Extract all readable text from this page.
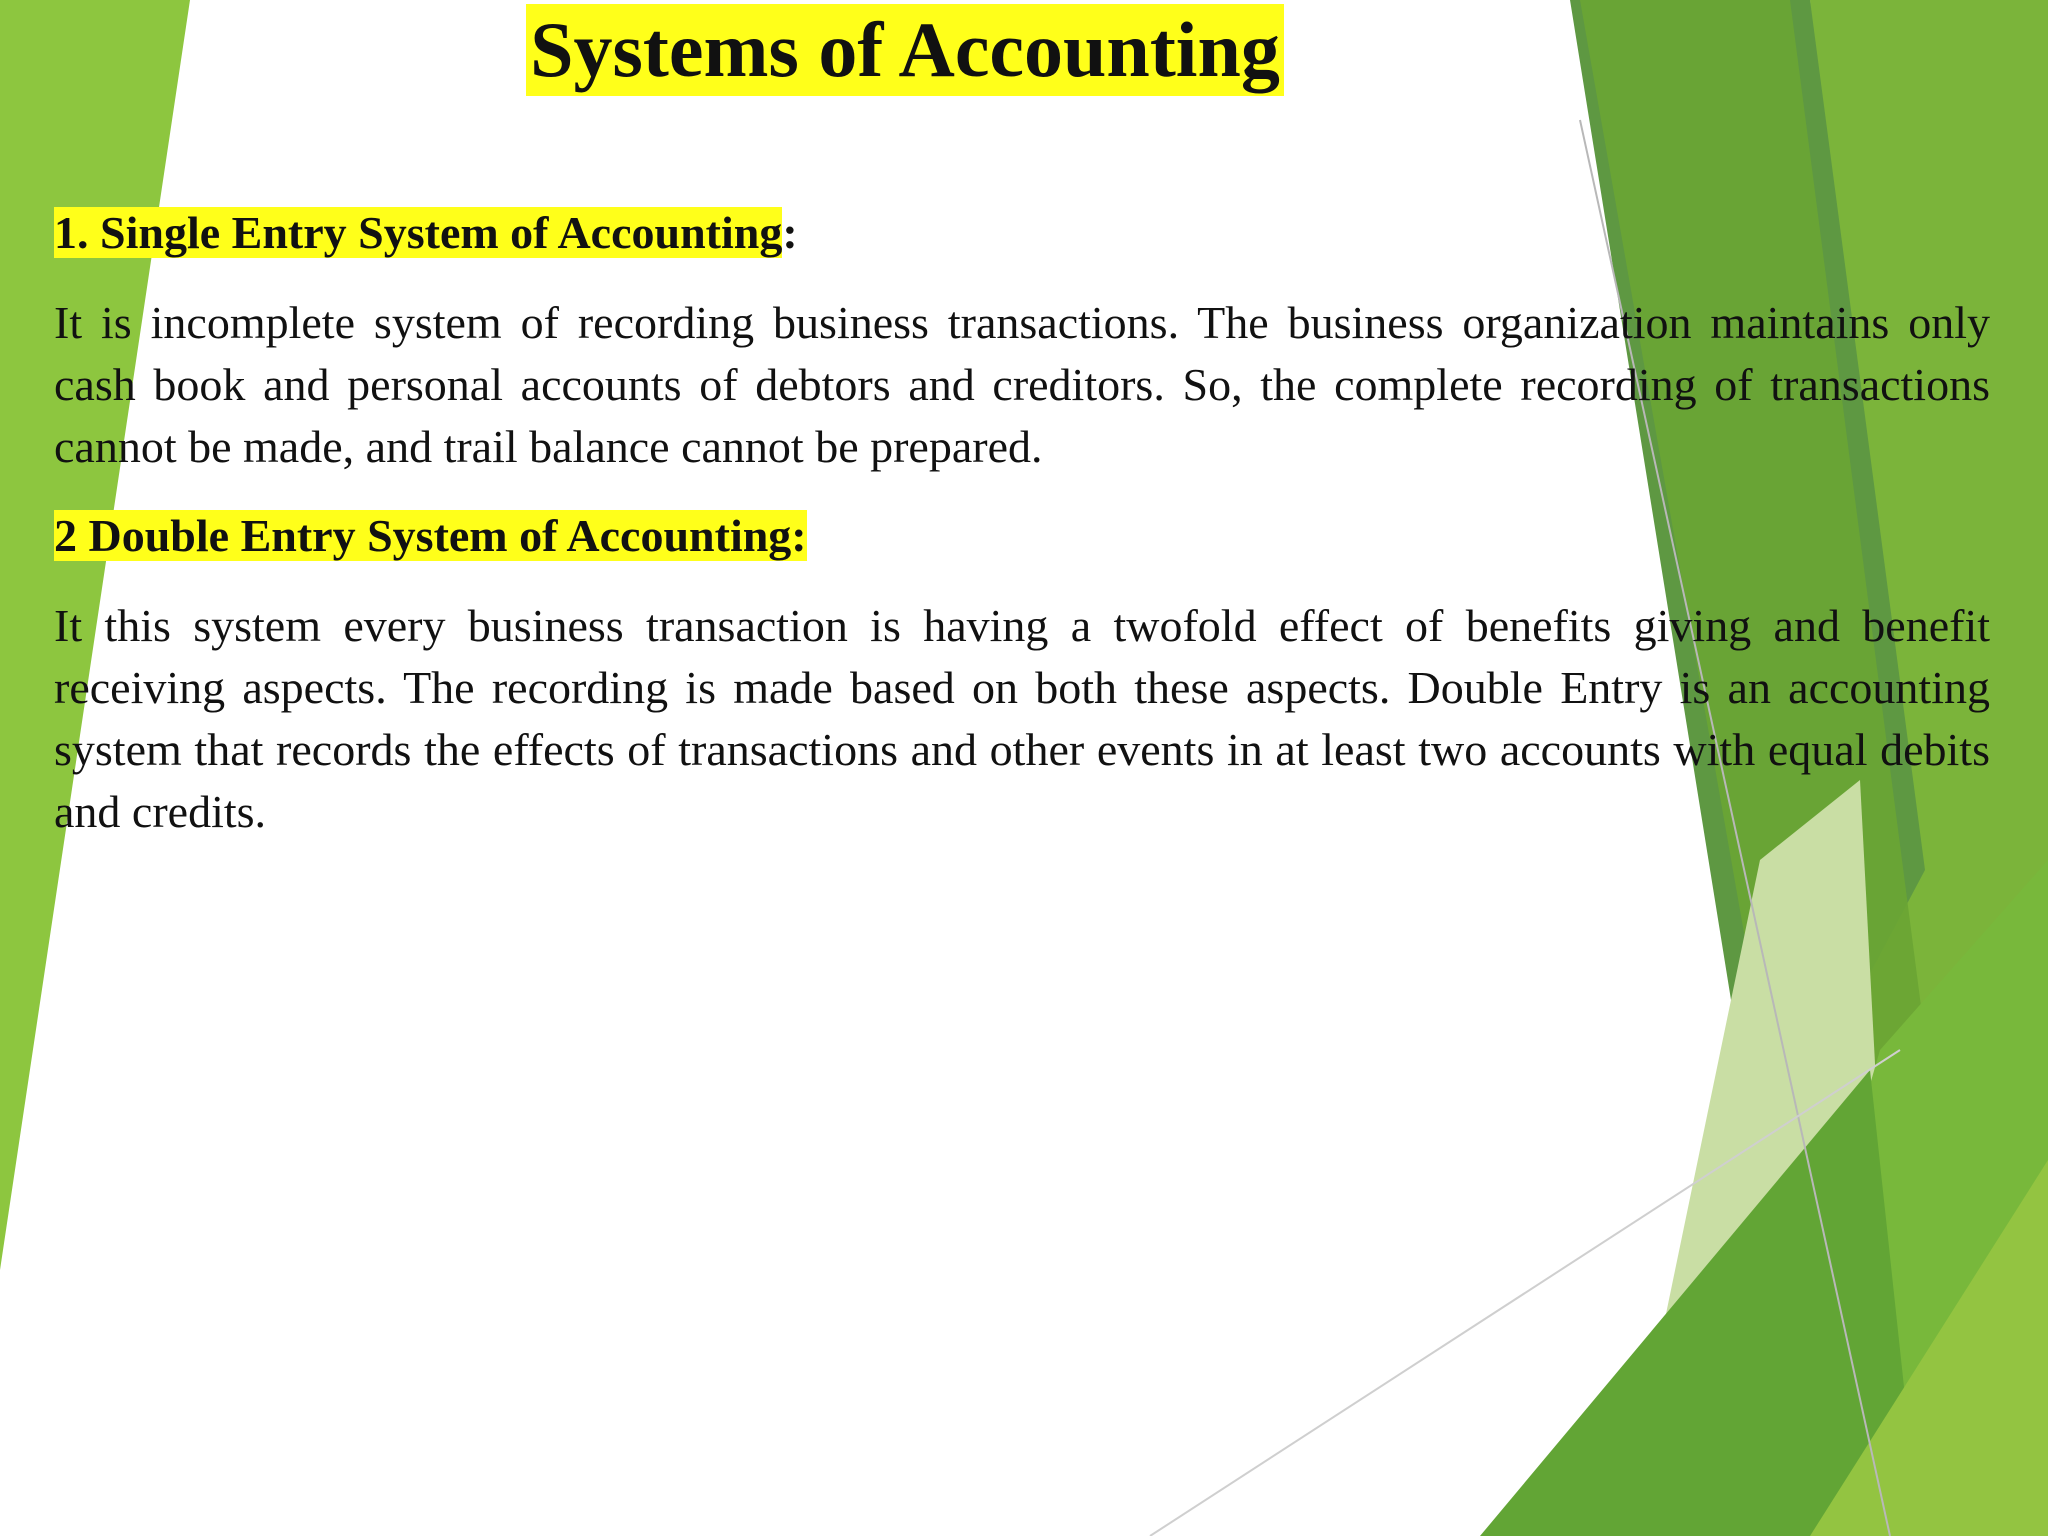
Systems of Accounting
1. Single Entry System of Accounting:
It is incomplete system of recording business transactions. The business organization maintains only cash book and personal accounts of debtors and creditors. So, the complete recording of transactions cannot be made, and trail balance cannot be prepared.
2 Double Entry System of Accounting:
It this system every business transaction is having a twofold effect of benefits giving and benefit receiving aspects. The recording is made based on both these aspects. Double Entry is an accounting system that records the effects of transactions and other events in at least two accounts with equal debits and credits.
